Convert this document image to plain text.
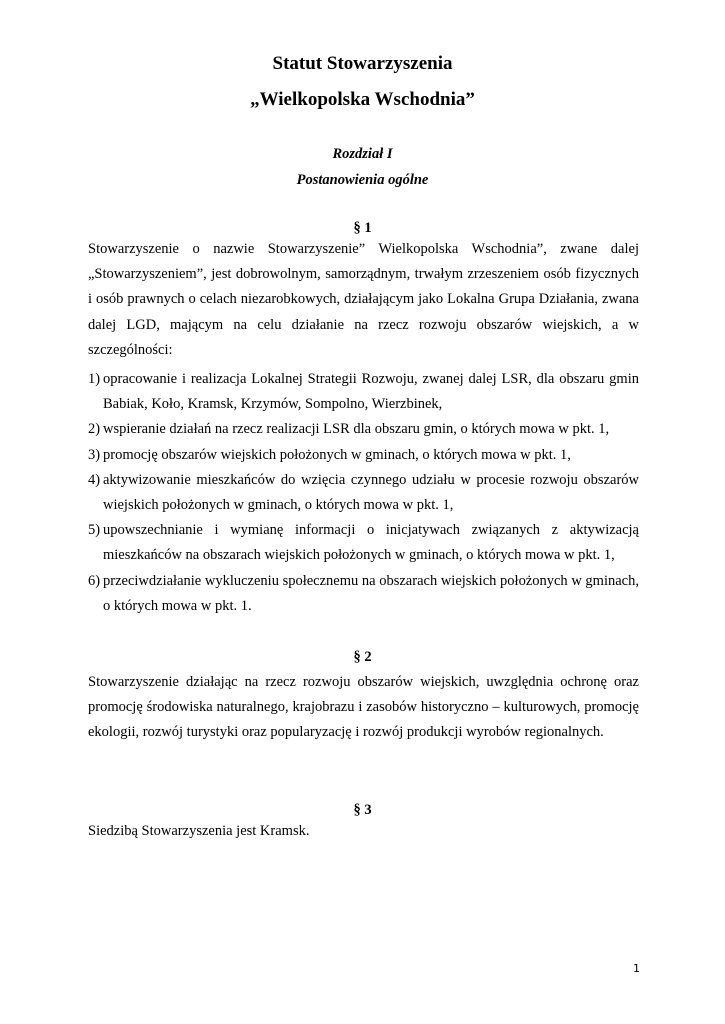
Statut Stowarzyszenia
„Wielkopolska Wschodnia”
Rozdział I
Postanowienia ogólne
§ 1

Stowarzyszenie o nazwie Stowarzyszenie” Wielkopolska Wschodnia”, zwane dalej „Stowarzyszeniem”, jest dobrowolnym, samorządnym, trwałym zrzeszeniem osób fizycznych i osób prawnych o celach niezarobkowych, działającym jako Lokalna Grupa Działania, zwana dalej LGD, mającym na celu działanie na rzecz rozwoju obszarów wiejskich, a w szczególności:

1) opracowanie i realizacja Lokalnej Strategii Rozwoju, zwanej dalej LSR, dla obszaru gmin Babiak, Koło, Kramsk, Krzymów, Sompolno, Wierzbinek,
2) wspieranie działań na rzecz realizacji LSR dla obszaru gmin, o których mowa w pkt. 1,
3) promocję obszarów wiejskich położonych w gminach, o których mowa w pkt. 1,
4) aktywizowanie mieszkańców do wzięcia czynnego udziału w procesie rozwoju obszarów wiejskich położonych w gminach, o których mowa w pkt. 1,
5) upowszechnianie i wymianę informacji o inicjatywach związanych z aktywizacją mieszkańców na obszarach wiejskich położonych w gminach, o których mowa w pkt. 1,
6) przeciwdziałanie wykluczeniu społecznemu na obszarach wiejskich położonych w gminach, o których mowa w pkt. 1.
§ 2

Stowarzyszenie działając na rzecz rozwoju obszarów wiejskich, uwzględnia ochronę oraz promocję środowiska naturalnego, krajobrazu i zasobów historyczno – kulturowych, promocję ekologii, rozwój turystyki oraz popularyzację i rozwój produkcji wyrobów regionalnych.

§ 3

Siedzibą Stowarzyszenia jest Kramsk.

1
